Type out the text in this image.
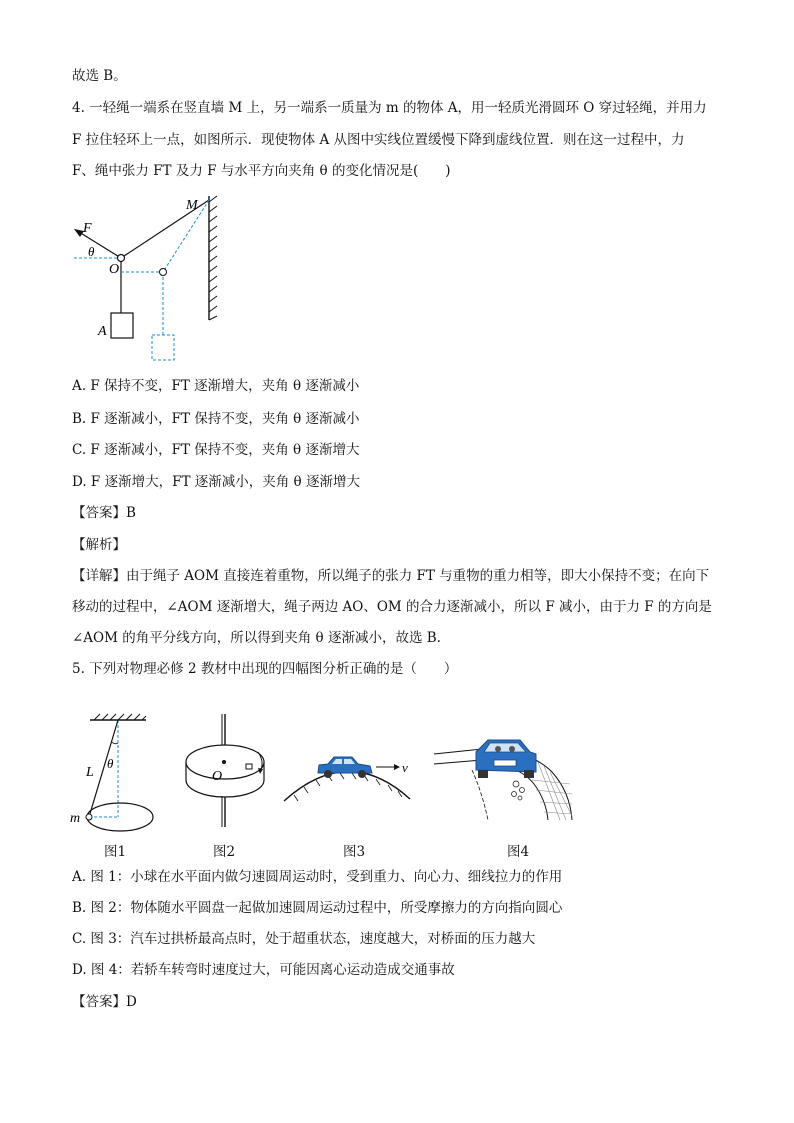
故选 B。
4. 一轻绳一端系在竖直墙 M 上，另一端系一质量为 m 的物体 A，用一轻质光滑圆环 O 穿过轻绳，并用力
F 拉住轻环上一点，如图所示．现使物体 A 从图中实线位置缓慢下降到虚线位置．则在这一过程中，力
F、绳中张力 FT 及力 F 与水平方向夹角 θ 的变化情况是(　　)
F
M
θ
O
A
A. F 保持不变，FT 逐渐增大，夹角 θ 逐渐减小
B. F 逐渐减小，FT 保持不变，夹角 θ 逐渐减小
C. F 逐渐减小，FT 保持不变，夹角 θ 逐渐增大
D. F 逐渐增大，FT 逐渐减小，夹角 θ 逐渐增大
【答案】B
【解析】
【详解】由于绳子 AOM 直接连着重物，所以绳子的张力 FT 与重物的重力相等，即大小保持不变；在向下
移动的过程中，∠AOM 逐渐增大，绳子两边 AO、OM 的合力逐渐减小，所以 F 减小，由于力 F 的方向是
∠AOM 的角平分线方向，所以得到夹角 θ 逐渐减小，故选 B.
5. 下列对物理必修 2 教材中出现的四幅图分析正确的是（　　）
L
θ
m
O
v
图1	图2	图3	图4
A. 图 1：小球在水平面内做匀速圆周运动时，受到重力、向心力、细线拉力的作用
B. 图 2：物体随水平圆盘一起做加速圆周运动过程中，所受摩擦力的方向指向圆心
C. 图 3：汽车过拱桥最高点时，处于超重状态，速度越大，对桥面的压力越大
D. 图 4：若轿车转弯时速度过大，可能因离心运动造成交通事故
【答案】D
